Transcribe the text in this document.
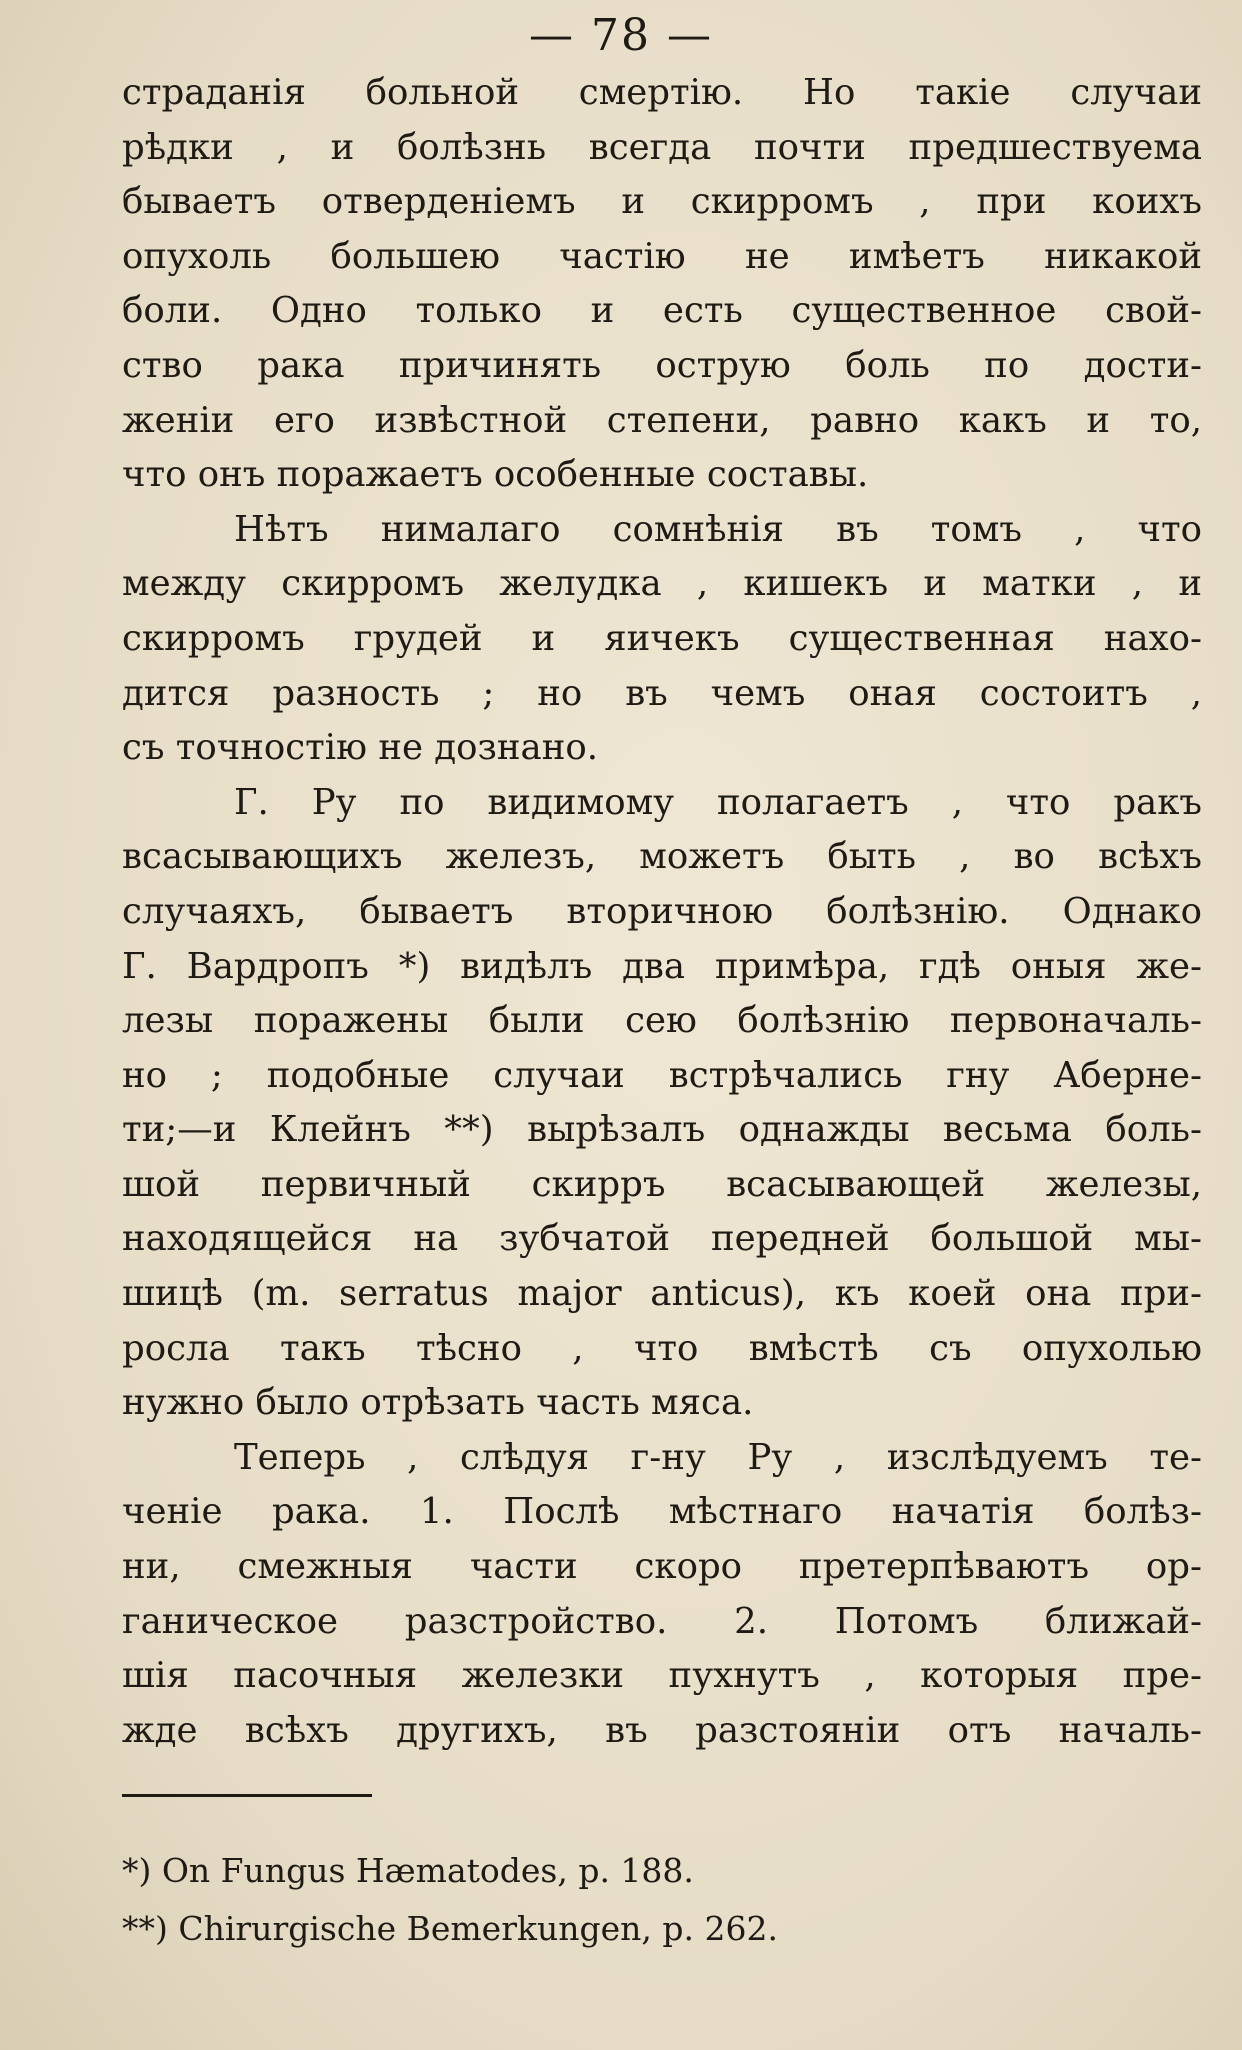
— 78 —
страданія больной смертію. Но такіе случаи
рѣдки , и болѣзнь всегда почти предшествуема
бываетъ отверденіемъ и скирромъ , при коихъ
опухоль большею частію не имѣетъ никакой
боли. Одно только и есть существенное свой-
ство рака причинять острую боль по дости-
женіи его извѣстной степени, равно какъ и то,
что онъ поражаетъ особенные составы.
Нѣтъ нималаго сомнѣнія въ томъ , что
между скирромъ желудка , кишекъ и матки , и
скирромъ грудей и яичекъ существенная нахо-
дится разность ; но въ чемъ оная состоитъ ,
съ точностію не дознано.
Г. Ру по видимому полагаетъ , что ракъ
всасывающихъ железъ, можетъ быть , во всѣхъ
случаяхъ, бываетъ вторичною болѣзнію. Однако
Г. Вардропъ *) видѣлъ два примѣра, гдѣ оныя же-
лезы поражены были сею болѣзнію первоначаль-
но ; подобные случаи встрѣчались гну Аберне-
ти;—и Клейнъ **) вырѣзалъ однажды весьма боль-
шой первичный скирръ всасывающей железы,
находящейся на зубчатой передней большой мы-
шицѣ (m. serratus major anticus), къ коей она при-
росла такъ тѣсно , что вмѣстѣ съ опухолью
нужно было отрѣзать часть мяса.
Теперь , слѣдуя г-ну Ру , изслѣдуемъ те-
ченіе рака. 1. Послѣ мѣстнаго начатія болѣз-
ни, смежныя части скоро претерпѣваютъ ор-
ганическое разстройство. 2. Потомъ ближай-
шія пасочныя железки пухнутъ , которыя пре-
жде всѣхъ другихъ, въ разстояніи отъ началь-
*) On Fungus Hæmatodes, p. 188.
**) Chirurgische Bemerkungen, p. 262.
